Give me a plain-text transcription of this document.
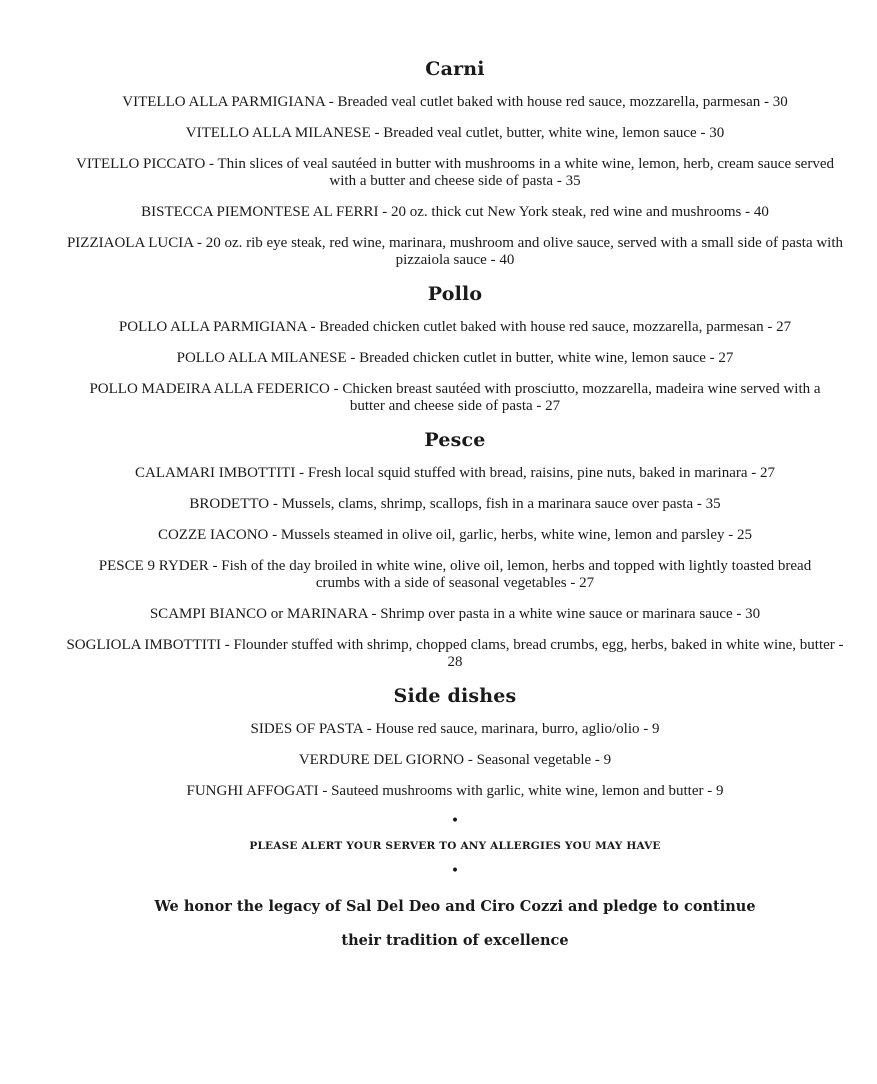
Carni
VITELLO ALLA PARMIGIANA - Breaded veal cutlet baked with house red sauce, mozzarella, parmesan - 30
VITELLO ALLA MILANESE - Breaded veal cutlet, butter, white wine, lemon sauce - 30
VITELLO PICCATO - Thin slices of veal sautéed in butter with mushrooms in a white wine, lemon, herb, cream sauce served with a butter and cheese side of pasta - 35
BISTECCA PIEMONTESE AL FERRI - 20 oz. thick cut New York steak, red wine and mushrooms - 40
PIZZIAOLA LUCIA - 20 oz. rib eye steak, red wine, marinara, mushroom and olive sauce, served with a small side of pasta with pizzaiola sauce - 40
Pollo
POLLO ALLA PARMIGIANA - Breaded chicken cutlet baked with house red sauce, mozzarella, parmesan - 27
POLLO ALLA MILANESE - Breaded chicken cutlet in butter, white wine, lemon sauce - 27
POLLO MADEIRA ALLA FEDERICO - Chicken breast sautéed with prosciutto, mozzarella, madeira wine served with a butter and cheese side of pasta - 27
Pesce
CALAMARI IMBOTTITI - Fresh local squid stuffed with bread, raisins, pine nuts, baked in marinara - 27
BRODETTO - Mussels, clams, shrimp, scallops, fish in a marinara sauce over pasta - 35
COZZE IACONO - Mussels steamed in olive oil, garlic, herbs, white wine, lemon and parsley - 25
PESCE 9 RYDER - Fish of the day broiled in white wine, olive oil, lemon, herbs and topped with lightly toasted bread crumbs with a side of seasonal vegetables - 27
SCAMPI BIANCO or MARINARA - Shrimp over pasta in a white wine sauce or marinara sauce - 30
SOGLIOLA IMBOTTITI - Flounder stuffed with shrimp, chopped clams, bread crumbs, egg, herbs, baked in white wine, butter - 28
Side dishes
SIDES OF PASTA - House red sauce, marinara, burro, aglio/olio - 9
VERDURE DEL GIORNO - Seasonal vegetable - 9
FUNGHI AFFOGATI - Sauteed mushrooms with garlic, white wine, lemon and butter - 9
•
PLEASE ALERT YOUR SERVER TO ANY ALLERGIES YOU MAY HAVE
•
We honor the legacy of Sal Del Deo and Ciro Cozzi and pledge to continue
their tradition of excellence
